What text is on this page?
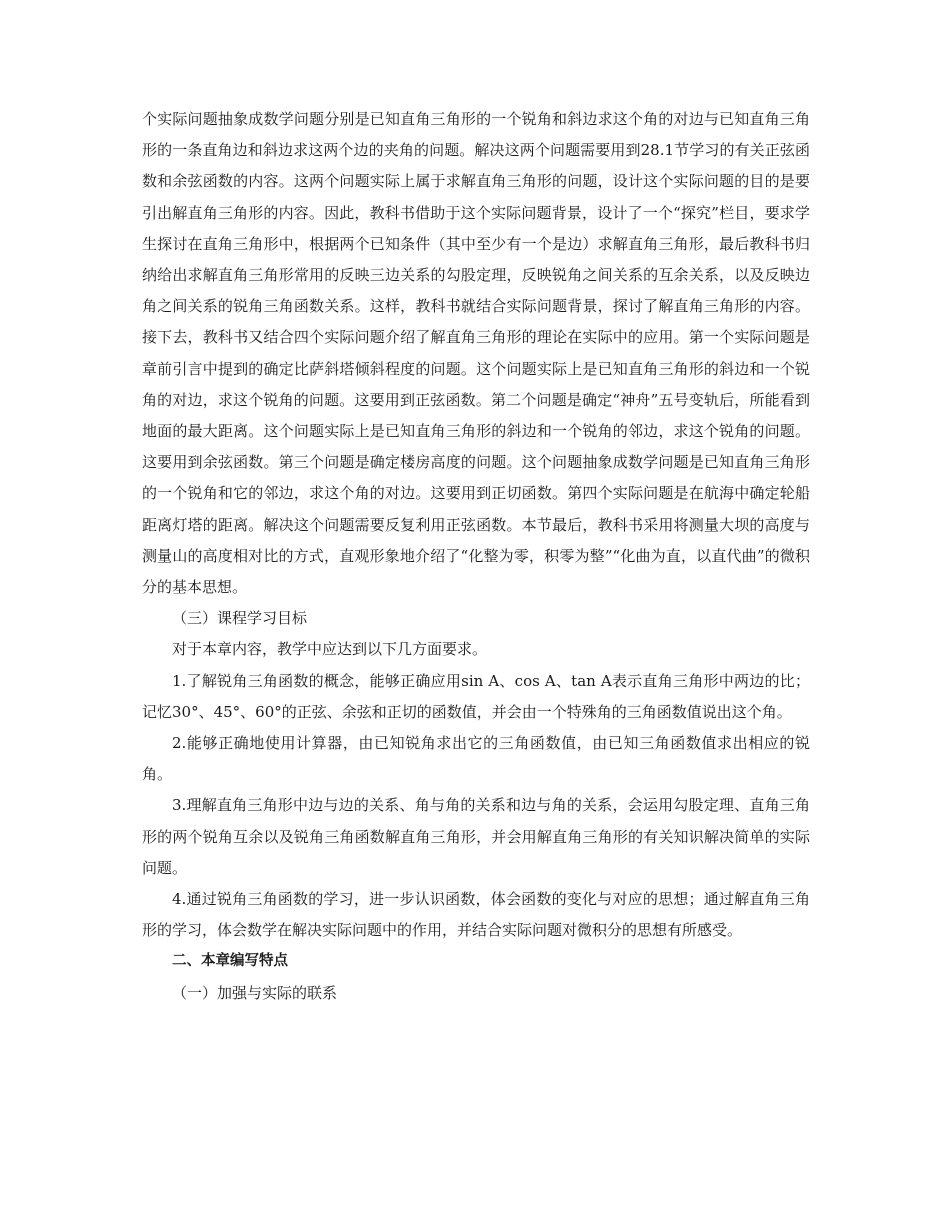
个实际问题抽象成数学问题分别是已知直角三角形的一个锐角和斜边求这个角的对边与已知直角三角形的一条直角边和斜边求这两个边的夹角的问题。解决这两个问题需要用到28.1节学习的有关正弦函数和余弦函数的内容。这两个问题实际上属于求解直角三角形的问题，设计这个实际问题的目的是要引出解直角三角形的内容。因此，教科书借助于这个实际问题背景，设计了一个“探究”栏目，要求学生探讨在直角三角形中，根据两个已知条件（其中至少有一个是边）求解直角三角形，最后教科书归纳给出求解直角三角形常用的反映三边关系的勾股定理，反映锐角之间关系的互余关系，以及反映边角之间关系的锐角三角函数关系。这样，教科书就结合实际问题背景，探讨了解直角三角形的内容。接下去，教科书又结合四个实际问题介绍了解直角三角形的理论在实际中的应用。第一个实际问题是章前引言中提到的确定比萨斜塔倾斜程度的问题。这个问题实际上是已知直角三角形的斜边和一个锐角的对边，求这个锐角的问题。这要用到正弦函数。第二个问题是确定“神舟”五号变轨后，所能看到地面的最大距离。这个问题实际上是已知直角三角形的斜边和一个锐角的邻边，求这个锐角的问题。这要用到余弦函数。第三个问题是确定楼房高度的问题。这个问题抽象成数学问题是已知直角三角形的一个锐角和它的邻边，求这个角的对边。这要用到正切函数。第四个实际问题是在航海中确定轮船距离灯塔的距离。解决这个问题需要反复利用正弦函数。本节最后，教科书采用将测量大坝的高度与测量山的高度相对比的方式，直观形象地介绍了“化整为零，积零为整”“化曲为直，以直代曲”的微积分的基本思想。

（三）课程学习目标

对于本章内容，教学中应达到以下几方面要求。

1.了解锐角三角函数的概念，能够正确应用sin A、cos A、tan A表示直角三角形中两边的比；记忆30°、45°、60°的正弦、余弦和正切的函数值，并会由一个特殊角的三角函数值说出这个角。

2.能够正确地使用计算器，由已知锐角求出它的三角函数值，由已知三角函数值求出相应的锐角。

3.理解直角三角形中边与边的关系、角与角的关系和边与角的关系，会运用勾股定理、直角三角形的两个锐角互余以及锐角三角函数解直角三角形，并会用解直角三角形的有关知识解决简单的实际问题。

4.通过锐角三角函数的学习，进一步认识函数，体会函数的变化与对应的思想；通过解直角三角形的学习，体会数学在解决实际问题中的作用，并结合实际问题对微积分的思想有所感受。

二、本章编写特点

（一）加强与实际的联系
